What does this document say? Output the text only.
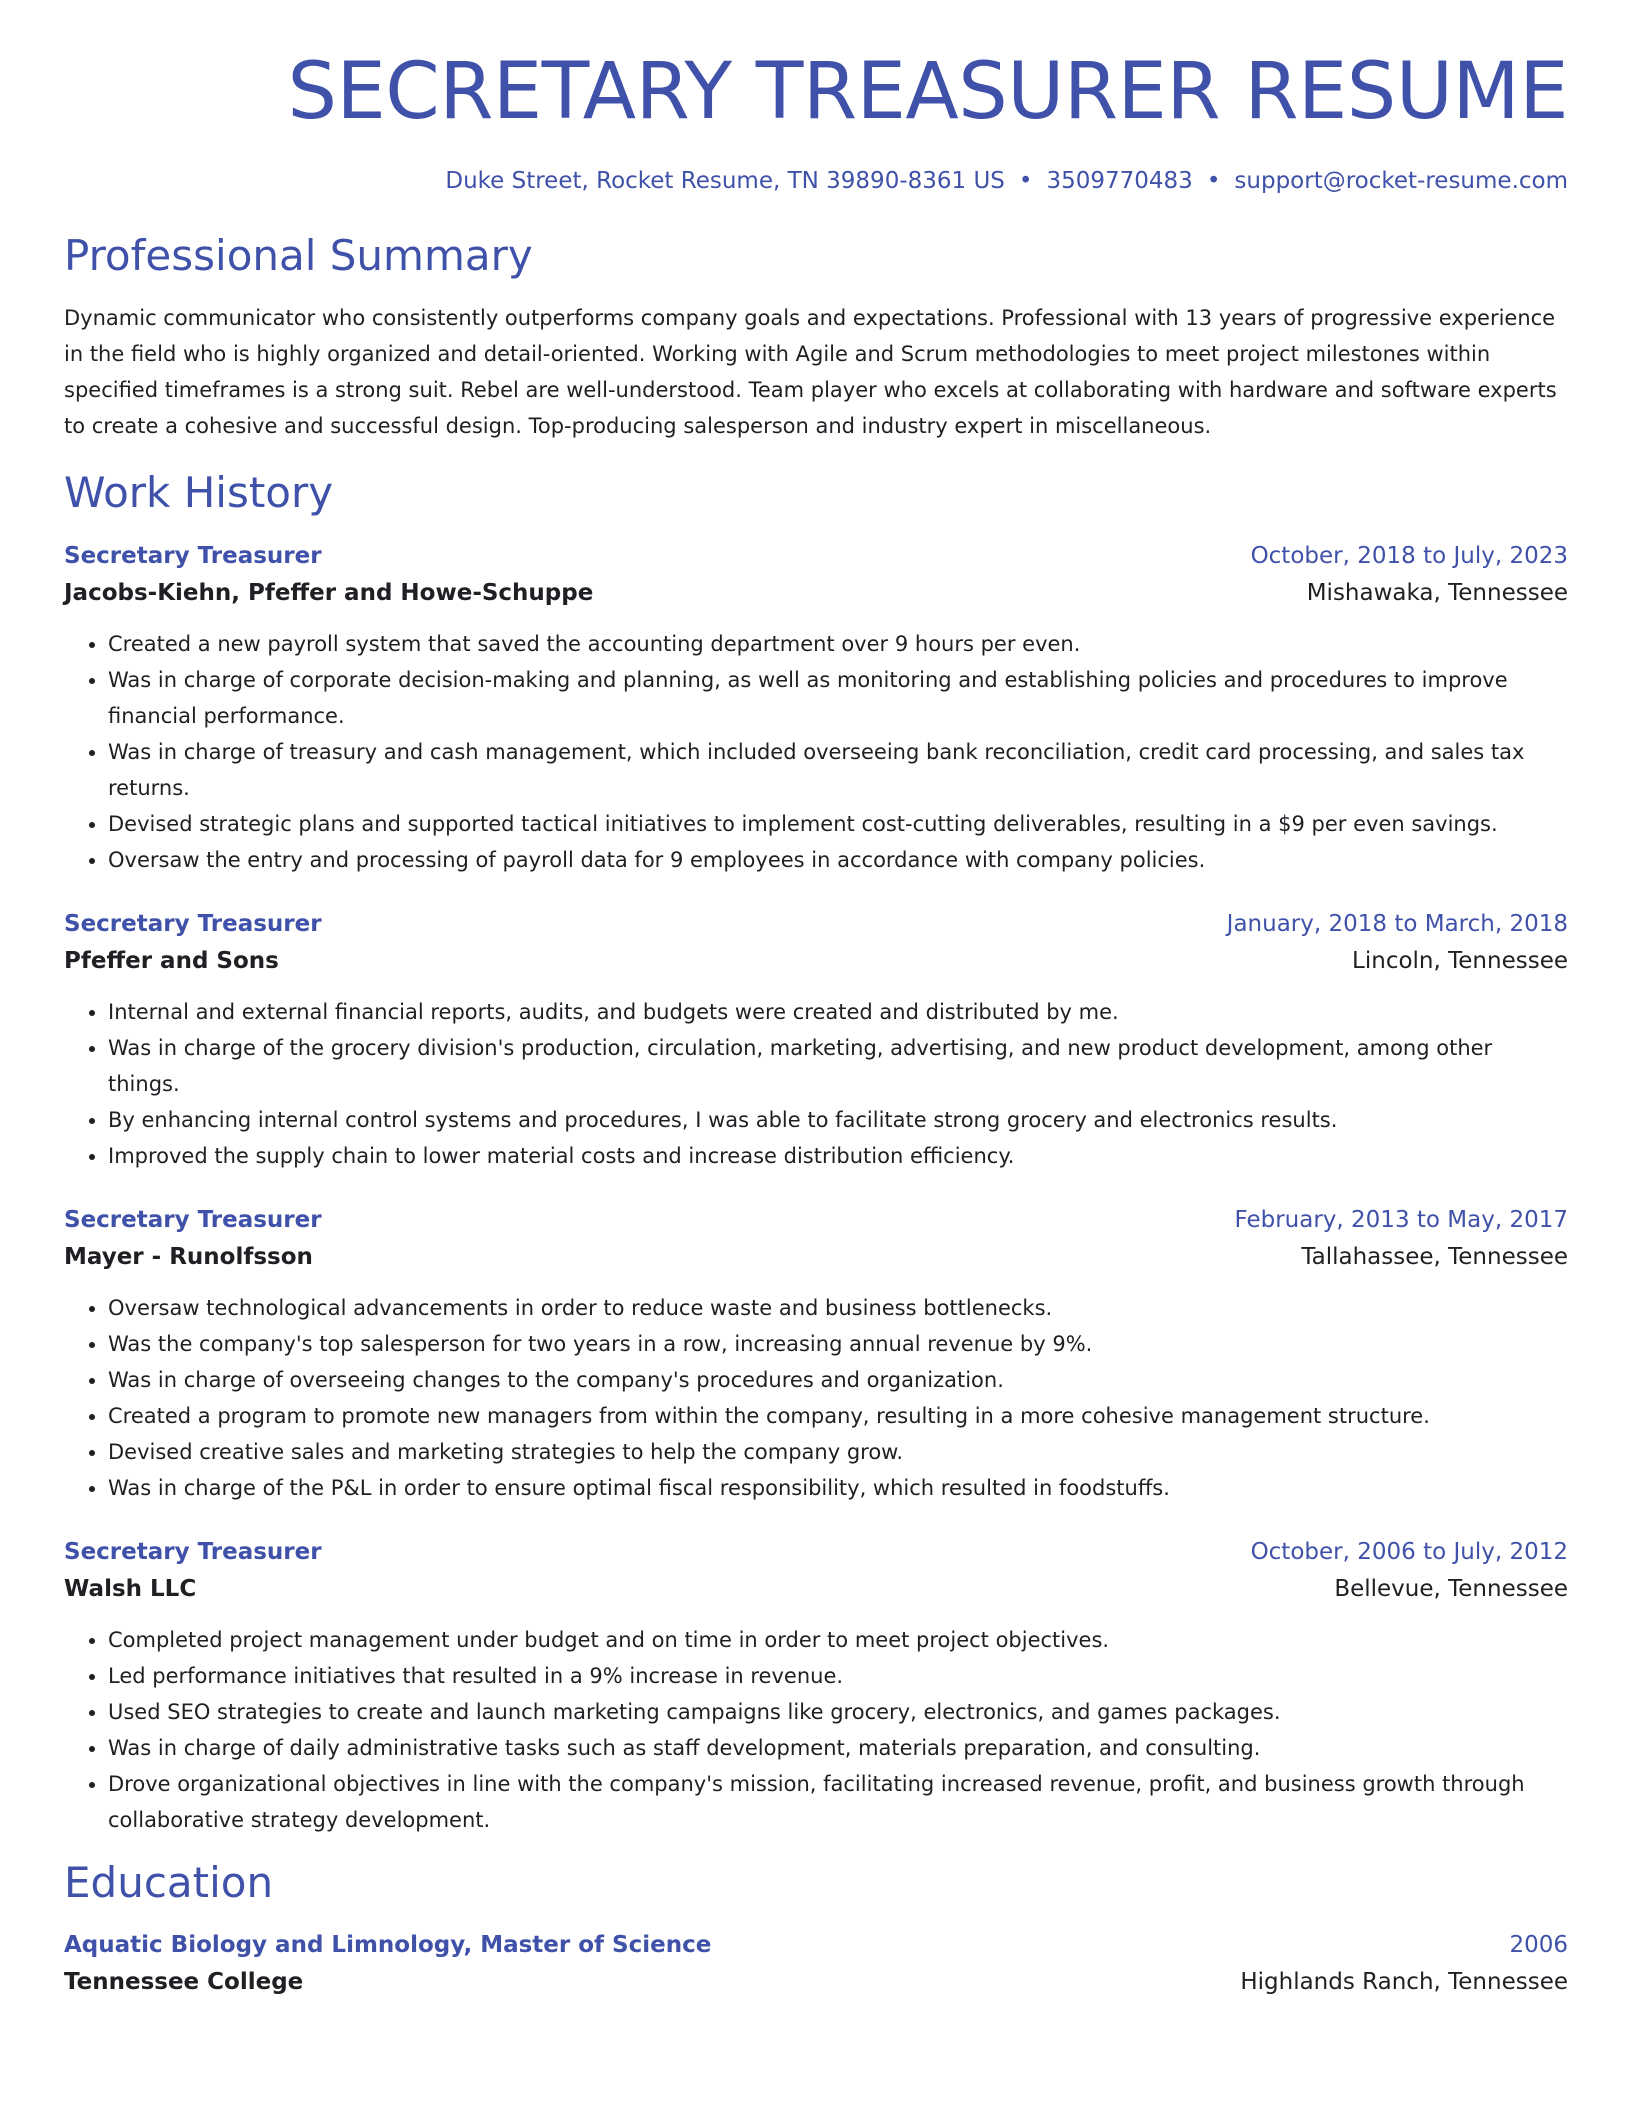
SECRETARY TREASURER RESUME
Duke Street, Rocket Resume, TN 39890-8361 US • 3509770483 • support@rocket-resume.com
Professional Summary
Dynamic communicator who consistently outperforms company goals and expectations. Professional with 13 years of progressive experience in the field who is highly organized and detail-oriented. Working with Agile and Scrum methodologies to meet project milestones within specified timeframes is a strong suit. Rebel are well-understood. Team player who excels at collaborating with hardware and software experts to create a cohesive and successful design. Top-producing salesperson and industry expert in miscellaneous.
Work History
Secretary Treasurer	October, 2018 to July, 2023
Jacobs-Kiehn, Pfeffer and Howe-Schuppe	Mishawaka, Tennessee
• Created a new payroll system that saved the accounting department over 9 hours per even.
• Was in charge of corporate decision-making and planning, as well as monitoring and establishing policies and procedures to improve financial performance.
• Was in charge of treasury and cash management, which included overseeing bank reconciliation, credit card processing, and sales tax returns.
• Devised strategic plans and supported tactical initiatives to implement cost-cutting deliverables, resulting in a $9 per even savings.
• Oversaw the entry and processing of payroll data for 9 employees in accordance with company policies.
Secretary Treasurer	January, 2018 to March, 2018
Pfeffer and Sons	Lincoln, Tennessee
• Internal and external financial reports, audits, and budgets were created and distributed by me.
• Was in charge of the grocery division's production, circulation, marketing, advertising, and new product development, among other things.
• By enhancing internal control systems and procedures, I was able to facilitate strong grocery and electronics results.
• Improved the supply chain to lower material costs and increase distribution efficiency.
Secretary Treasurer	February, 2013 to May, 2017
Mayer - Runolfsson	Tallahassee, Tennessee
• Oversaw technological advancements in order to reduce waste and business bottlenecks.
• Was the company's top salesperson for two years in a row, increasing annual revenue by 9%.
• Was in charge of overseeing changes to the company's procedures and organization.
• Created a program to promote new managers from within the company, resulting in a more cohesive management structure.
• Devised creative sales and marketing strategies to help the company grow.
• Was in charge of the P&L in order to ensure optimal fiscal responsibility, which resulted in foodstuffs.
Secretary Treasurer	October, 2006 to July, 2012
Walsh LLC	Bellevue, Tennessee
• Completed project management under budget and on time in order to meet project objectives.
• Led performance initiatives that resulted in a 9% increase in revenue.
• Used SEO strategies to create and launch marketing campaigns like grocery, electronics, and games packages.
• Was in charge of daily administrative tasks such as staff development, materials preparation, and consulting.
• Drove organizational objectives in line with the company's mission, facilitating increased revenue, profit, and business growth through collaborative strategy development.
Education
Aquatic Biology and Limnology, Master of Science	2006
Tennessee College	Highlands Ranch, Tennessee
